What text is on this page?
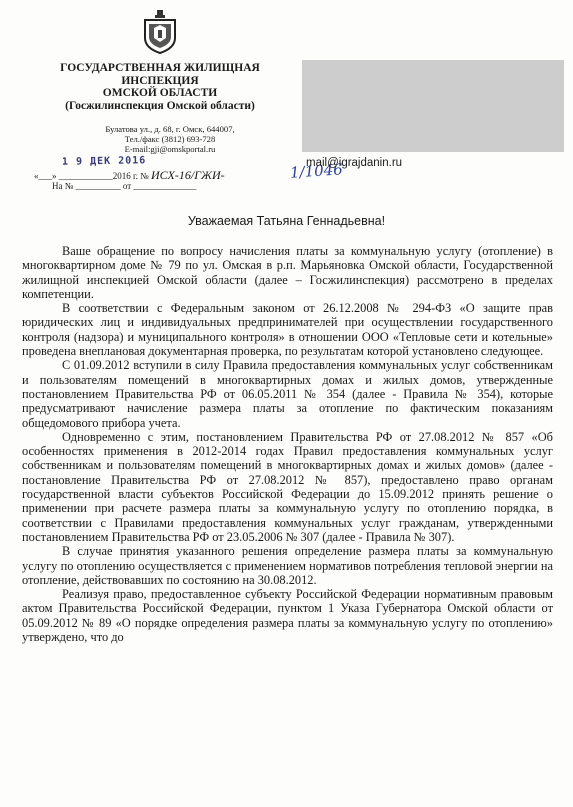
ГОСУДАРСТВЕННАЯ ЖИЛИЩНАЯ
ИНСПЕКЦИЯ
ОМСКОЙ ОБЛАСТИ
(Госжилинспекция Омской области)
Булатова ул., д. 68, г. Омск, 644007,
Тел./факс (3812) 693-728
E-mail:gji@omskportal.ru
1 9 ДЕК 2016
«___» ____________2016 г. № ИСХ-16/ГЖИ-	1/1046
На № __________ от ______________
mail@igrajdanin.ru
Уважаемая Татьяна Геннадьевна!

Ваше обращение по вопросу начисления платы за коммунальную услугу (отопление) в многоквартирном доме № 79 по ул. Омская в р.п. Марьяновка Омской области, Государственной жилищной инспекцией Омской области (далее – Госжилинспекция) рассмотрено в пределах компетенции.

В соответствии с Федеральным законом от 26.12.2008 № 294-ФЗ «О защите прав юридических лиц и индивидуальных предпринимателей при осуществлении государственного контроля (надзора) и муниципального контроля» в отношении ООО «Тепловые сети и котельные» проведена внеплановая документарная проверка, по результатам которой установлено следующее.

С 01.09.2012 вступили в силу Правила предоставления коммунальных услуг собственникам и пользователям помещений в многоквартирных домах и жилых домов, утвержденные постановлением Правительства РФ от 06.05.2011 № 354 (далее - Правила № 354), которые предусматривают начисление размера платы за отопление по фактическим показаниям общедомового прибора учета.

Одновременно с этим, постановлением Правительства РФ от 27.08.2012 № 857 «Об особенностях применения в 2012-2014 годах Правил предоставления коммунальных услуг собственникам и пользователям помещений в многоквартирных домах и жилых домов» (далее - постановление Правительства РФ от 27.08.2012 № 857), предоставлено право органам государственной власти субъектов Российской Федерации до 15.09.2012 принять решение о применении при расчете размера платы за коммунальную услугу по отоплению порядка, в соответствии с Правилами предоставления коммунальных услуг гражданам, утвержденными постановлением Правительства РФ от 23.05.2006 № 307 (далее - Правила № 307).

В случае принятия указанного решения определение размера платы за коммунальную услугу по отоплению осуществляется с применением нормативов потребления тепловой энергии на отопление, действовавших по состоянию на 30.08.2012.

Реализуя право, предоставленное субъекту Российской Федерации нормативным правовым актом Правительства Российской Федерации, пунктом 1 Указа Губернатора Омской области от 05.09.2012 № 89 «О порядке определения размера платы за коммунальную услугу по отоплению» утверждено, что до
